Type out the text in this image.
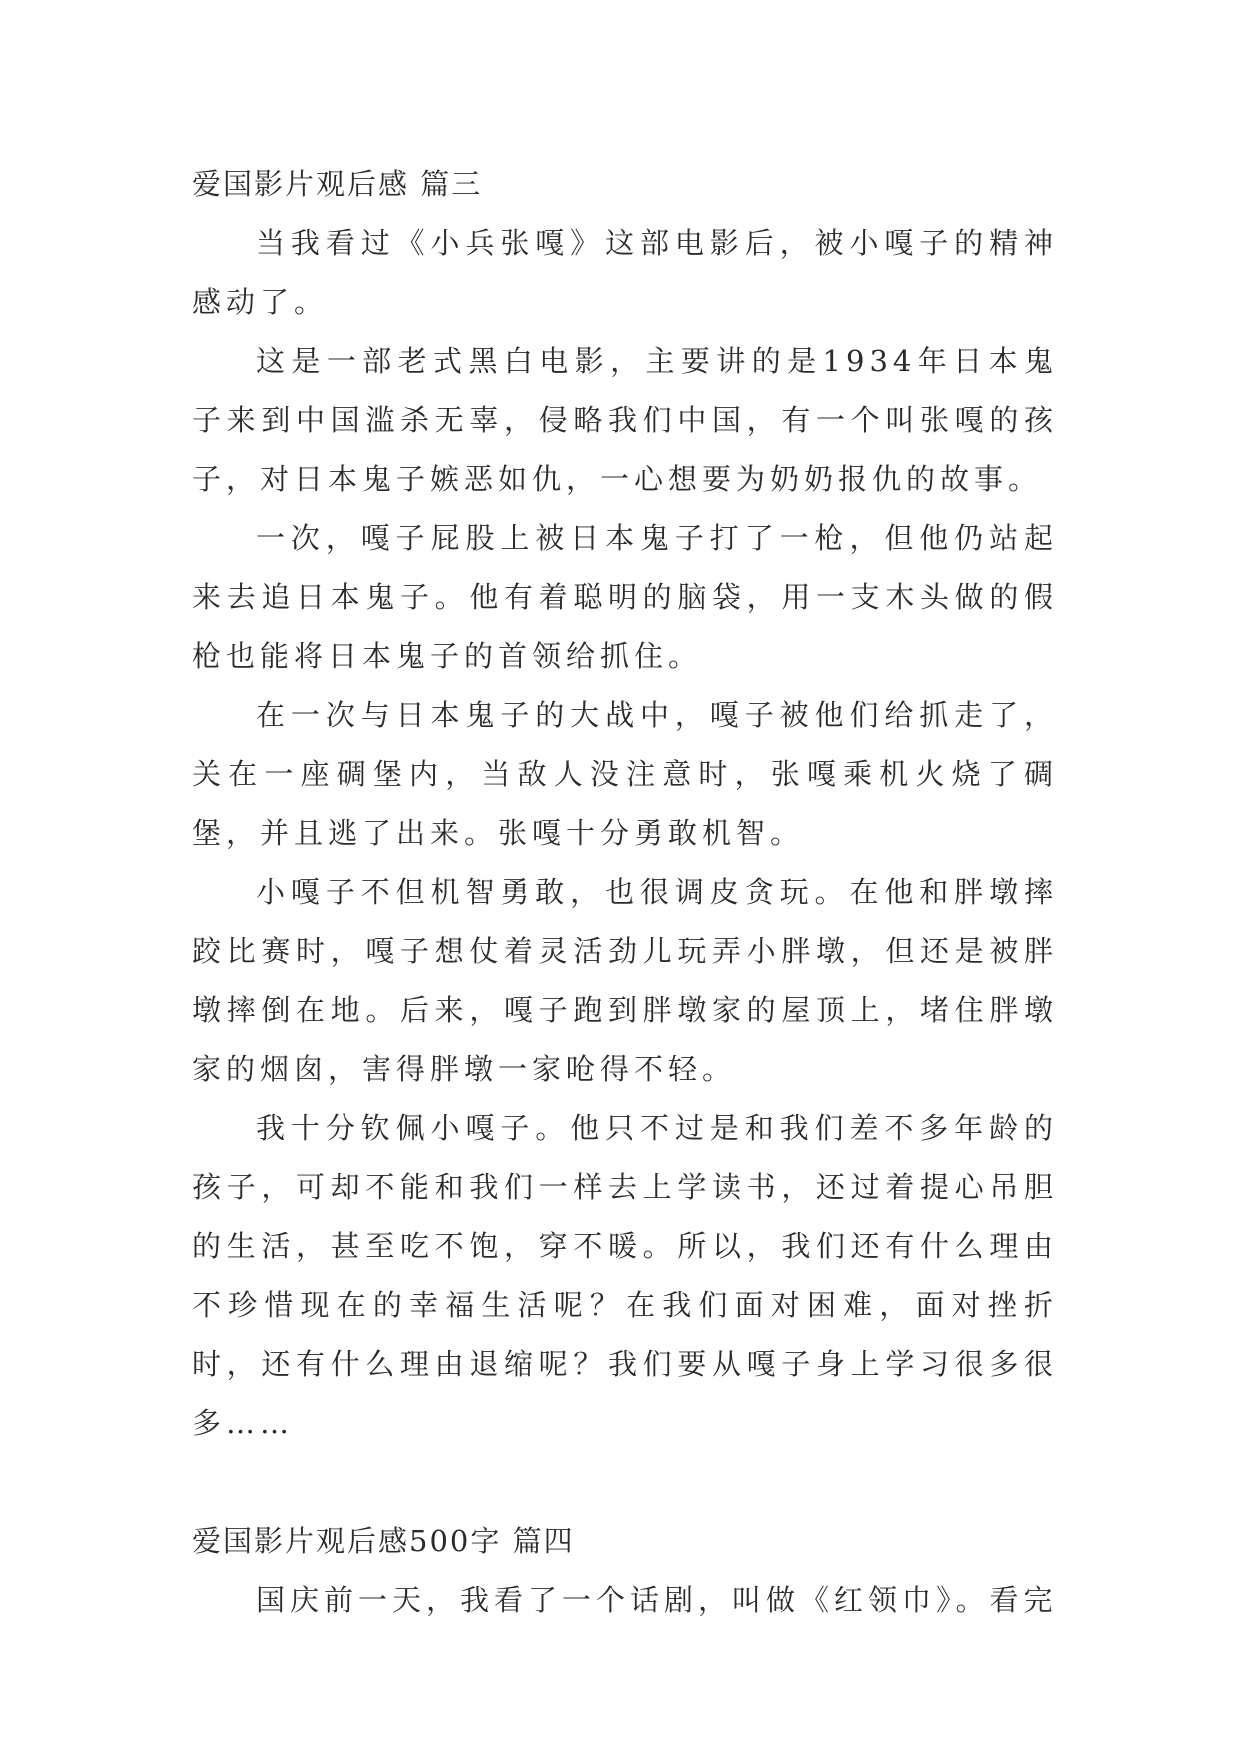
爱国影片观后感 篇三

当我看过《小兵张嘎》这部电影后，被小嘎子的精神感动了。

这是一部老式黑白电影，主要讲的是1934年日本鬼子来到中国滥杀无辜，侵略我们中国，有一个叫张嘎的孩子，对日本鬼子嫉恶如仇，一心想要为奶奶报仇的故事。

一次，嘎子屁股上被日本鬼子打了一枪，但他仍站起来去追日本鬼子。他有着聪明的脑袋，用一支木头做的假枪也能将日本鬼子的首领给抓住。

在一次与日本鬼子的大战中，嘎子被他们给抓走了，关在一座碉堡内，当敌人没注意时，张嘎乘机火烧了碉堡，并且逃了出来。张嘎十分勇敢机智。

小嘎子不但机智勇敢，也很调皮贪玩。在他和胖墩摔跤比赛时，嘎子想仗着灵活劲儿玩弄小胖墩，但还是被胖墩摔倒在地。后来，嘎子跑到胖墩家的屋顶上，堵住胖墩家的烟囱，害得胖墩一家呛得不轻。

我十分钦佩小嘎子。他只不过是和我们差不多年龄的孩子，可却不能和我们一样去上学读书，还过着提心吊胆的生活，甚至吃不饱，穿不暖。所以，我们还有什么理由不珍惜现在的幸福生活呢？在我们面对困难，面对挫折时，还有什么理由退缩呢？我们要从嘎子身上学习很多很多……

爱国影片观后感500字 篇四

国庆前一天，我看了一个话剧，叫做《红领巾》。看完
